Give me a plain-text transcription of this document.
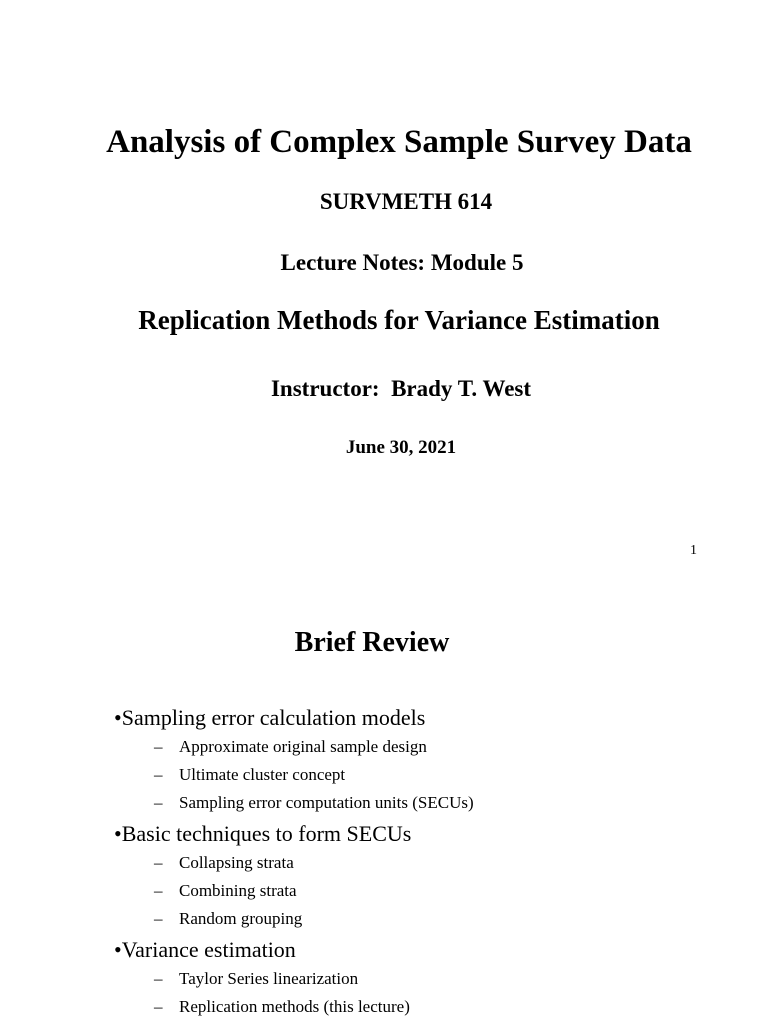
Analysis of Complex Sample Survey Data
SURVMETH 614
Lecture Notes: Module 5
Replication Methods for Variance Estimation
Instructor:  Brady T. West
June 30, 2021
1
Brief Review
•Sampling error calculation models
– Approximate original sample design
– Ultimate cluster concept
– Sampling error computation units (SECUs)
•Basic techniques to form SECUs
– Collapsing strata
– Combining strata
– Random grouping
•Variance estimation
– Taylor Series linearization
– Replication methods (this lecture)
